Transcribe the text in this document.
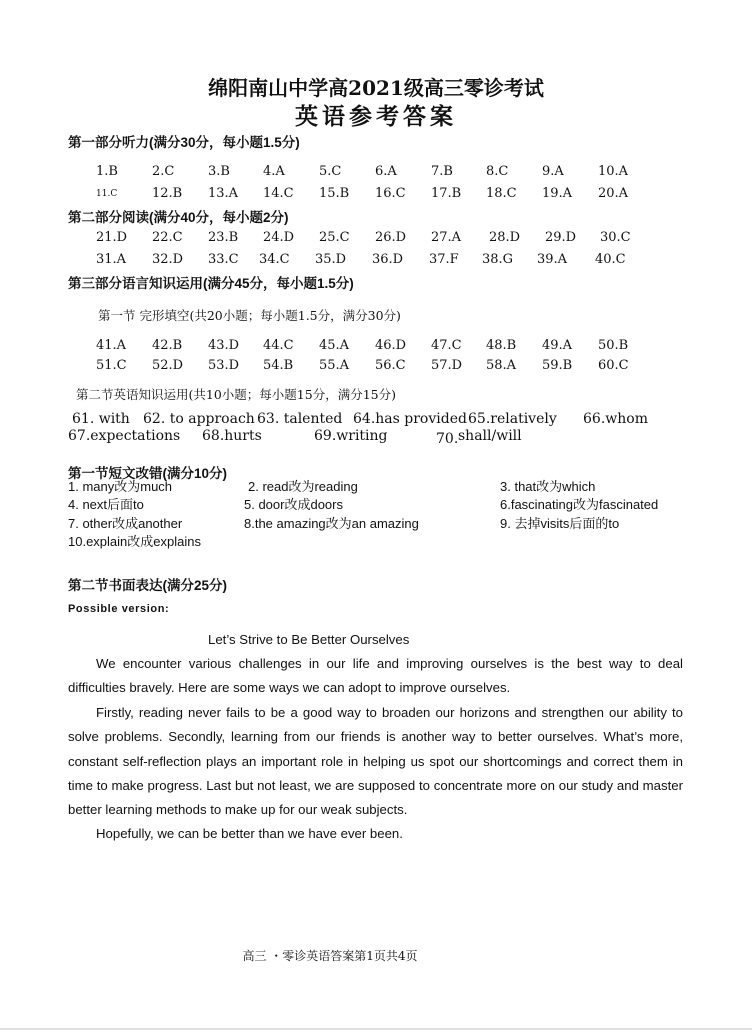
绵阳南山中学高2021级高三零诊考试
英语参考答案
第一部分听力(满分30分，每小题1.5分)
1.B	2.C	3.B	4.A	5.C	6.A	7.B	8.C	9.A	10.A
11.C	12.B 13.A 14.C 15.B 16.C 17.B 18.C 19.A 20.A
第二部分阅读(满分40分，每小题2分)
21.D 22.C 23.B 24.D 25.C 26.D 27.A 28.D 29.D 30.C
31.A 32.D 33.C 34.C 35.D 36.D 37.F 38.G 39.A 40.C
第三部分语言知识运用(满分45分，每小题1.5分)
第一节 完形填空(共20小题；每小题1.5分，满分30分)
41.A 42.B 43.D 44.C 45.A 46.D 47.C 48.B 49.A 50.B
51.C 52.D 53.D 54.B 55.A 56.C 57.D 58.A 59.B 60.C
第二节英语知识运用(共10小题；每小题15分，满分15分)
61. with 62. to approach 63. talented 64.has provided 65.relatively 66.whom
67.expectations 68.hurts	69.writing	70. shall/will
第一节短文改错(满分10分)
1. many改为much	2. read改为reading	3. that改为which
4. next后面to	5. door改成doors	6.fascinating改为fascinated
7. other改成another	8.the amazing改为an amazing	9. 去掉visits后面的to
10.explain改成explains
第二节书面表达(满分25分)
Possible version:
Let’s Strive to Be Better Ourselves
We encounter various challenges in our life and improving ourselves is the best way to deal difficulties bravely. Here are some ways we can adopt to improve ourselves.
Firstly, reading never fails to be a good way to broaden our horizons and strengthen our ability to solve problems. Secondly, learning from our friends is another way to better ourselves. What’s more, constant self-reflection plays an important role in helping us spot our shortcomings and correct them in time to make progress. Last but not least, we are supposed to concentrate more on our study and master better learning methods to make up for our weak subjects.
Hopefully, we can be better than we have ever been.
高三 ・零诊英语答案第1页共4页
